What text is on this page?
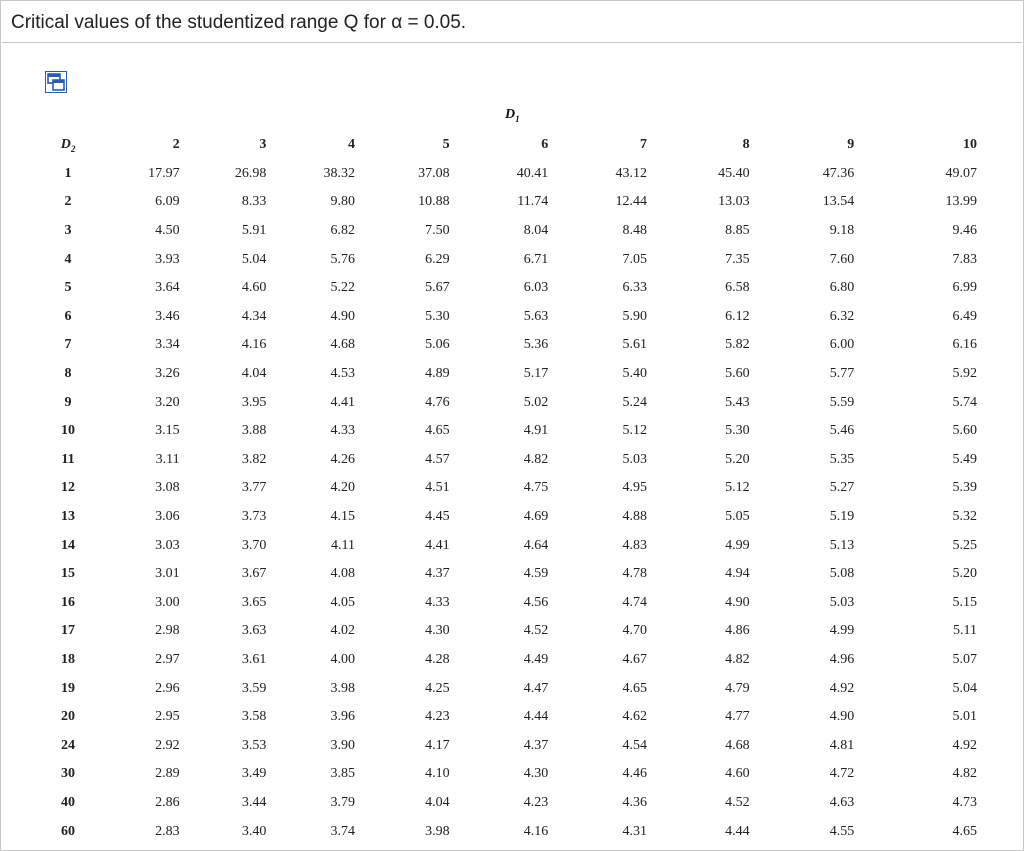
Critical values of the studentized range Q for α = 0.05.
$D_1$
$D_2$	2	3	4	5	6	7	8	9	10
1	17.97	26.98	38.32	37.08	40.41	43.12	45.40	47.36	49.07
2	6.09	8.33	9.80	10.88	11.74	12.44	13.03	13.54	13.99
3	4.50	5.91	6.82	7.50	8.04	8.48	8.85	9.18	9.46
4	3.93	5.04	5.76	6.29	6.71	7.05	7.35	7.60	7.83
5	3.64	4.60	5.22	5.67	6.03	6.33	6.58	6.80	6.99
6	3.46	4.34	4.90	5.30	5.63	5.90	6.12	6.32	6.49
7	3.34	4.16	4.68	5.06	5.36	5.61	5.82	6.00	6.16
8	3.26	4.04	4.53	4.89	5.17	5.40	5.60	5.77	5.92
9	3.20	3.95	4.41	4.76	5.02	5.24	5.43	5.59	5.74
10	3.15	3.88	4.33	4.65	4.91	5.12	5.30	5.46	5.60
11	3.11	3.82	4.26	4.57	4.82	5.03	5.20	5.35	5.49
12	3.08	3.77	4.20	4.51	4.75	4.95	5.12	5.27	5.39
13	3.06	3.73	4.15	4.45	4.69	4.88	5.05	5.19	5.32
14	3.03	3.70	4.11	4.41	4.64	4.83	4.99	5.13	5.25
15	3.01	3.67	4.08	4.37	4.59	4.78	4.94	5.08	5.20
16	3.00	3.65	4.05	4.33	4.56	4.74	4.90	5.03	5.15
17	2.98	3.63	4.02	4.30	4.52	4.70	4.86	4.99	5.11
18	2.97	3.61	4.00	4.28	4.49	4.67	4.82	4.96	5.07
19	2.96	3.59	3.98	4.25	4.47	4.65	4.79	4.92	5.04
20	2.95	3.58	3.96	4.23	4.44	4.62	4.77	4.90	5.01
24	2.92	3.53	3.90	4.17	4.37	4.54	4.68	4.81	4.92
30	2.89	3.49	3.85	4.10	4.30	4.46	4.60	4.72	4.82
40	2.86	3.44	3.79	4.04	4.23	4.36	4.52	4.63	4.73
60	2.83	3.40	3.74	3.98	4.16	4.31	4.44	4.55	4.65
